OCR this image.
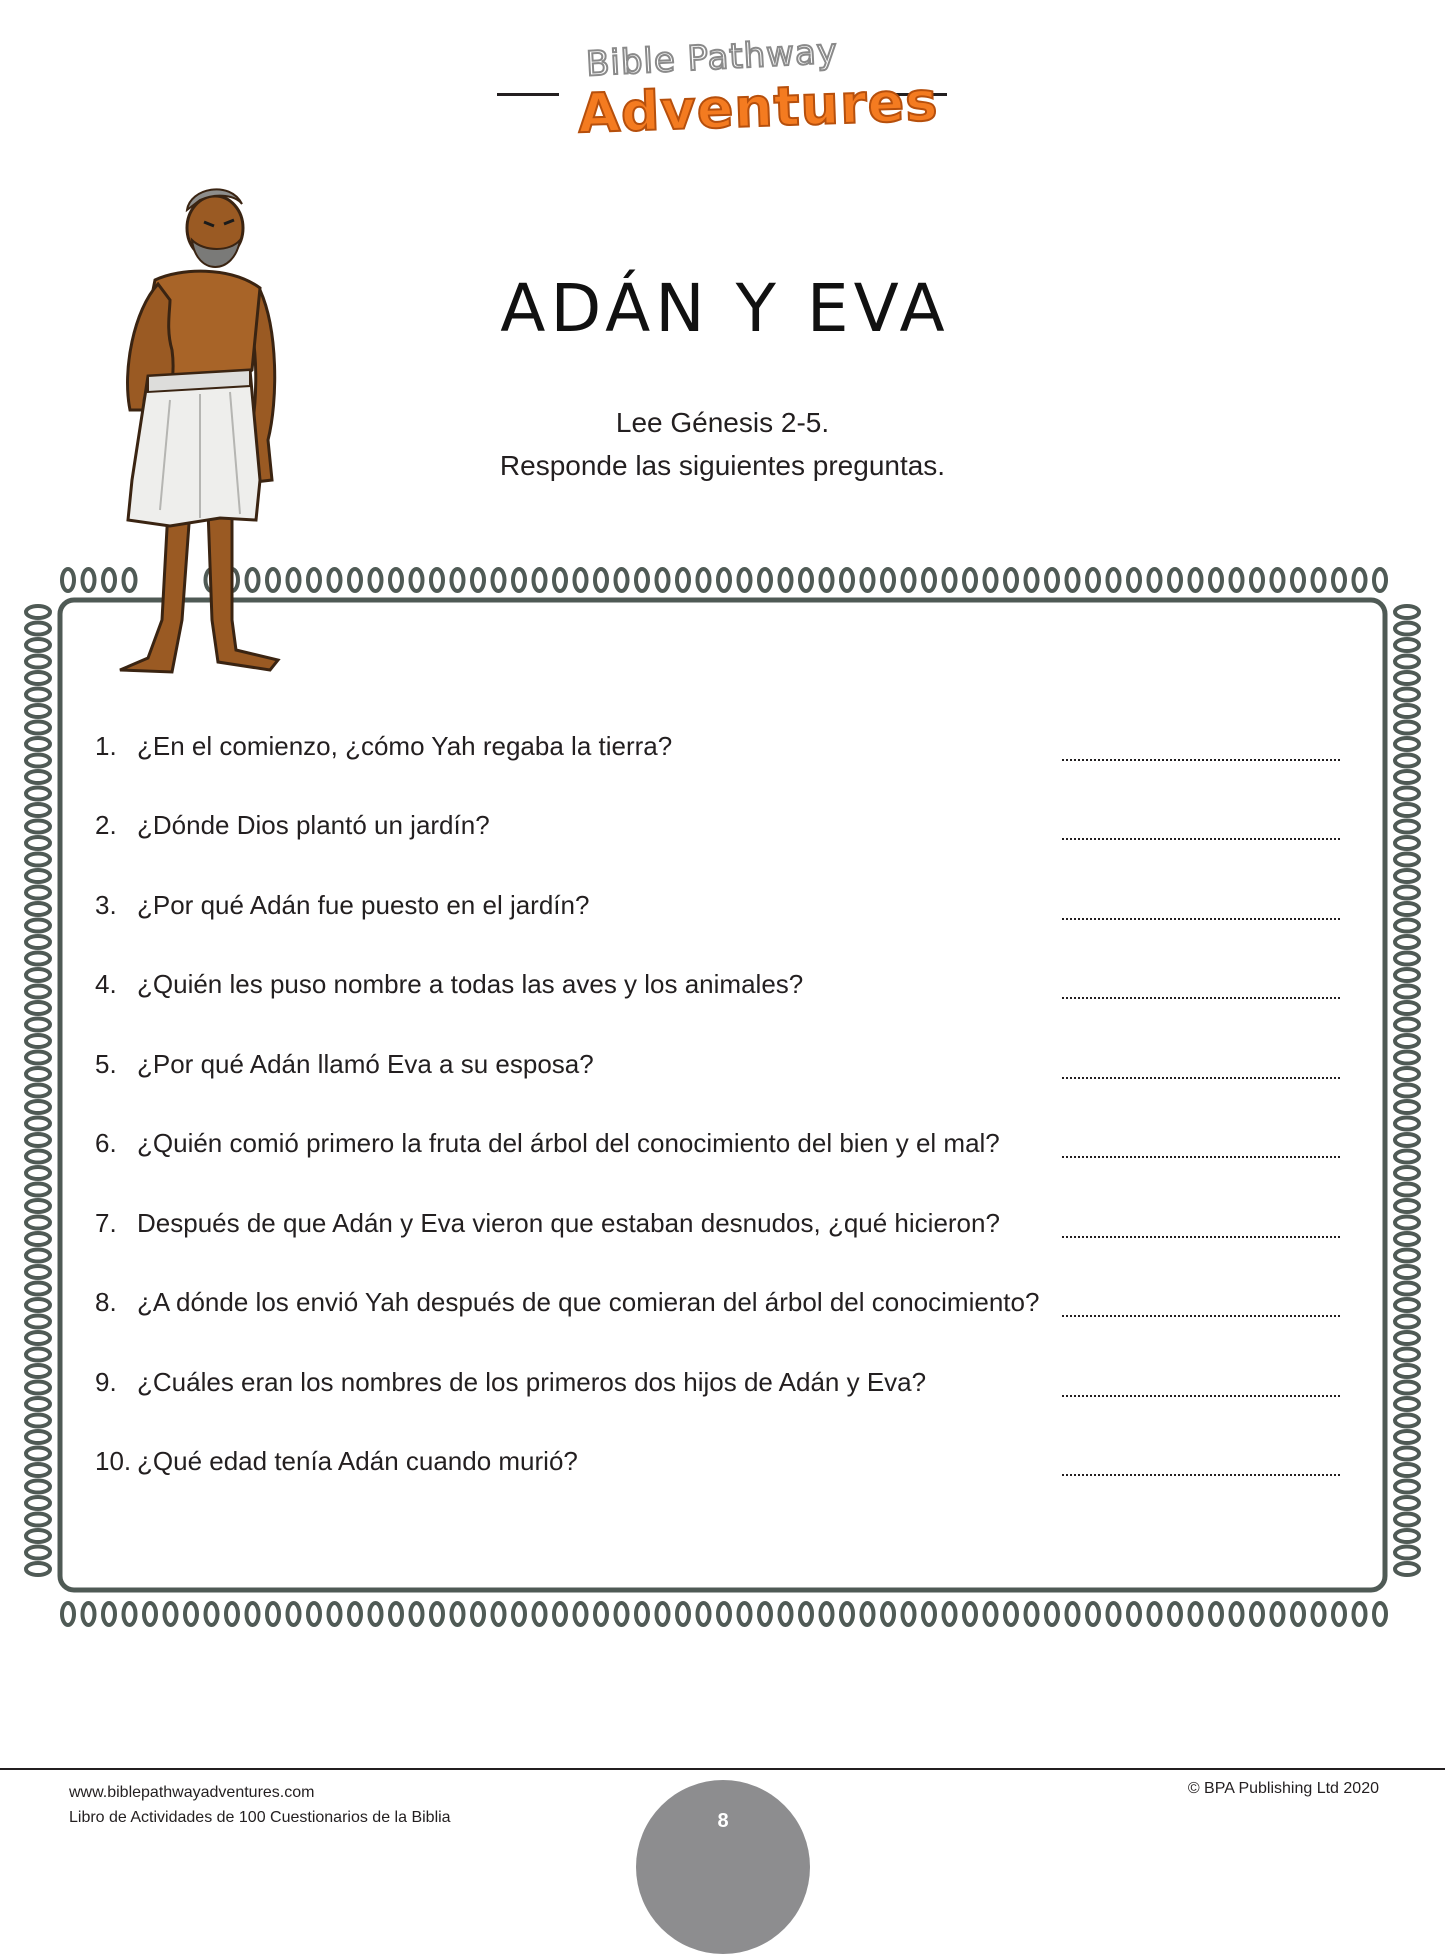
Bible Pathway
Adventures
ADÁN Y EVA
Lee Génesis 2-5.
Responde las siguientes preguntas.
1. ¿En el comienzo, ¿cómo Yah regaba la tierra?
2. ¿Dónde Dios plantó un jardín?
3. ¿Por qué Adán fue puesto en el jardín?
4. ¿Quién les puso nombre a todas las aves y los animales?
5. ¿Por qué Adán llamó Eva a su esposa?
6. ¿Quién comió primero la fruta del árbol del conocimiento del bien y el mal?
7. Después de que Adán y Eva vieron que estaban desnudos, ¿qué hicieron?
8. ¿A dónde los envió Yah después de que comieran del árbol del conocimiento?
9. ¿Cuáles eran los nombres de los primeros dos hijos de Adán y Eva?
10. ¿Qué edad tenía Adán cuando murió?
www.biblepathwayadventures.com
Libro de Actividades de 100 Cuestionarios de la Biblia
© BPA Publishing Ltd 2020
8
